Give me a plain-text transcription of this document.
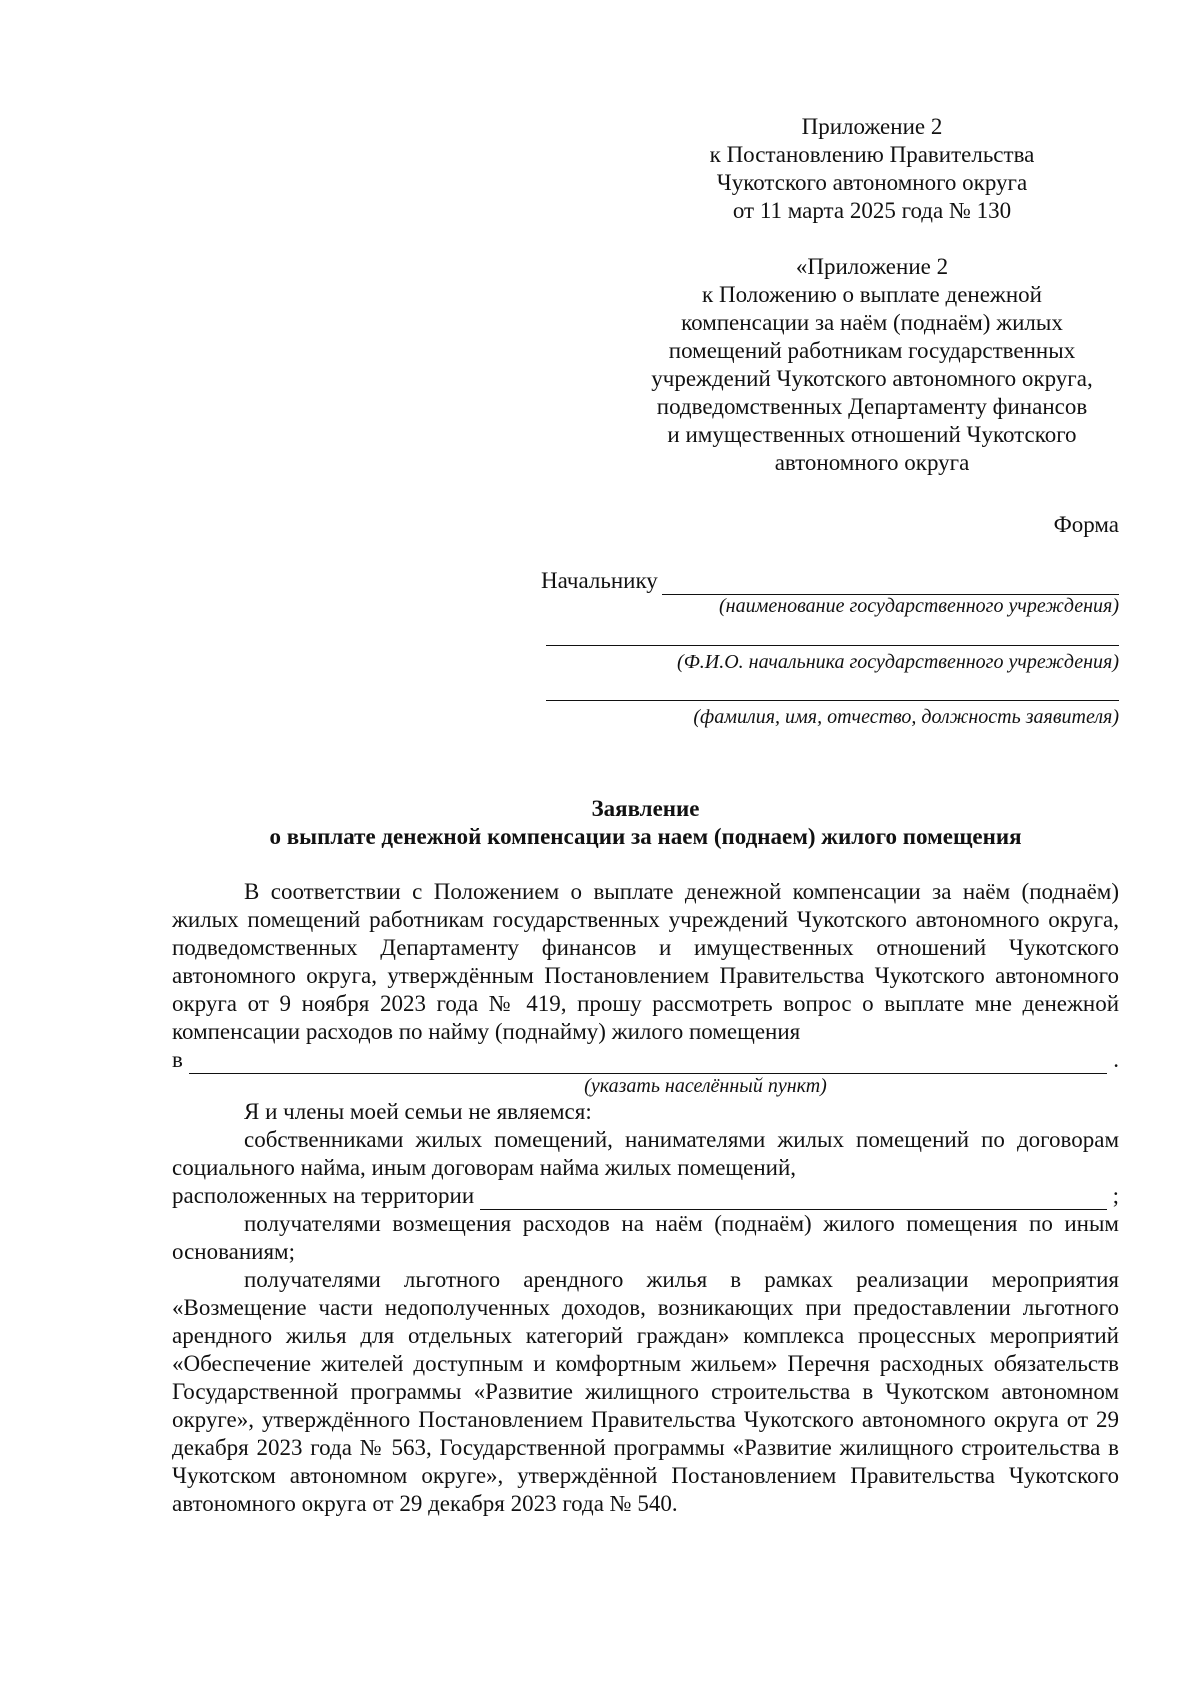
Приложение 2
к Постановлению Правительства
Чукотского автономного округа
от 11 марта 2025 года № 130
«Приложение 2
к Положению о выплате денежной
компенсации за наём (поднаём) жилых
помещений работникам государственных
учреждений Чукотского автономного округа,
подведомственных Департаменту финансов
и имущественных отношений Чукотского
автономного округа
Форма
Начальнику
(наименование государственного учреждения)
(Ф.И.О. начальника государственного учреждения)
(фамилия, имя, отчество, должность заявителя)
Заявление
о выплате денежной компенсации за наем (поднаем) жилого помещения

В соответствии с Положением о выплате денежной компенсации за наём (поднаём) жилых помещений работникам государственных учреждений Чукотского автономного округа, подведомственных Департаменту финансов и имущественных отношений Чукотского автономного округа, утверждённым Постановлением Правительства Чукотского автономного округа от 9 ноября 2023 года № 419, прошу рассмотреть вопрос о выплате мне денежной компенсации расходов по найму (поднайму) жилого помещения

в	.
(указать населённый пункт)

Я и члены моей семьи не являемся:

собственниками жилых помещений, нанимателями жилых помещений по договорам социального найма, иным договорам найма жилых помещений,

расположенных на территории	;

получателями возмещения расходов на наём (поднаём) жилого помещения по иным основаниям;

получателями льготного арендного жилья в рамках реализации мероприятия «Возмещение части недополученных доходов, возникающих при предоставлении льготного арендного жилья для отдельных категорий граждан» комплекса процессных мероприятий «Обеспечение жителей доступным и комфортным жильем» Перечня расходных обязательств Государственной программы «Развитие жилищного строительства в Чукотском автономном округе», утверждённого Постановлением Правительства Чукотского автономного округа от 29 декабря 2023 года № 563, Государственной программы «Развитие жилищного строительства в Чукотском автономном округе», утверждённой Постановлением Правительства Чукотского автономного округа от 29 декабря 2023 года № 540.
